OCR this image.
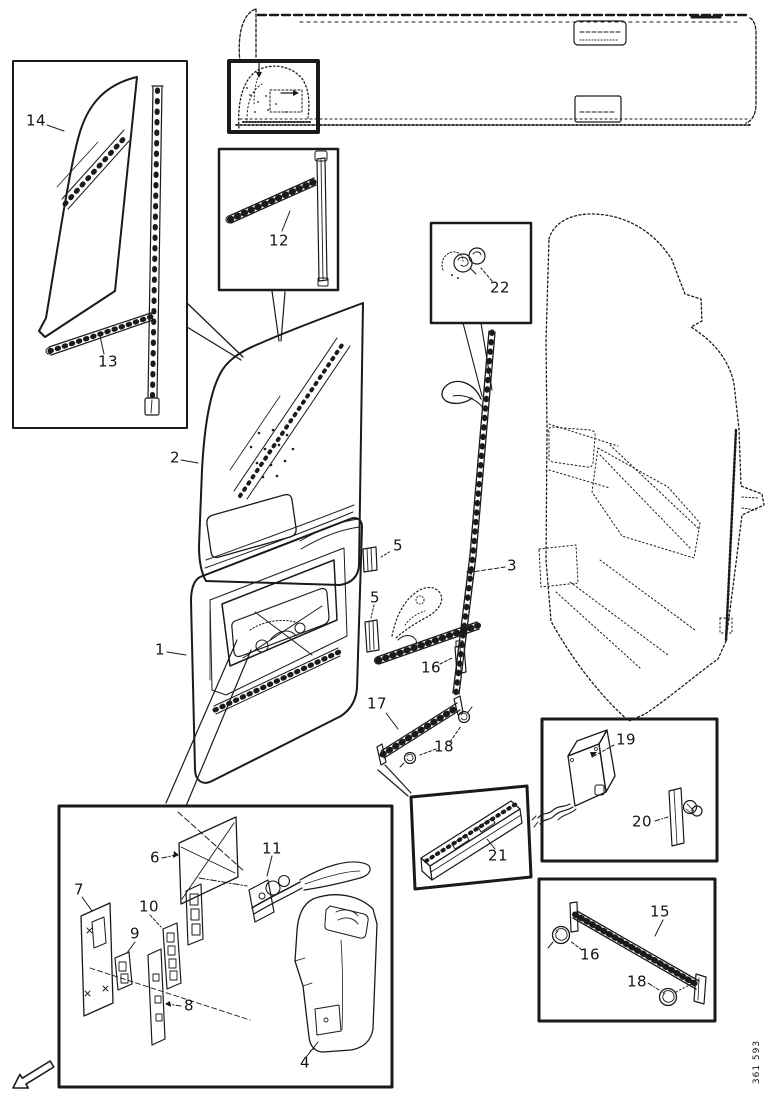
14
13
12
2
22
3
5
5
1
16
17
18
21
19
20
15
16
18
6
7
10
9
8
11
4	361 593
